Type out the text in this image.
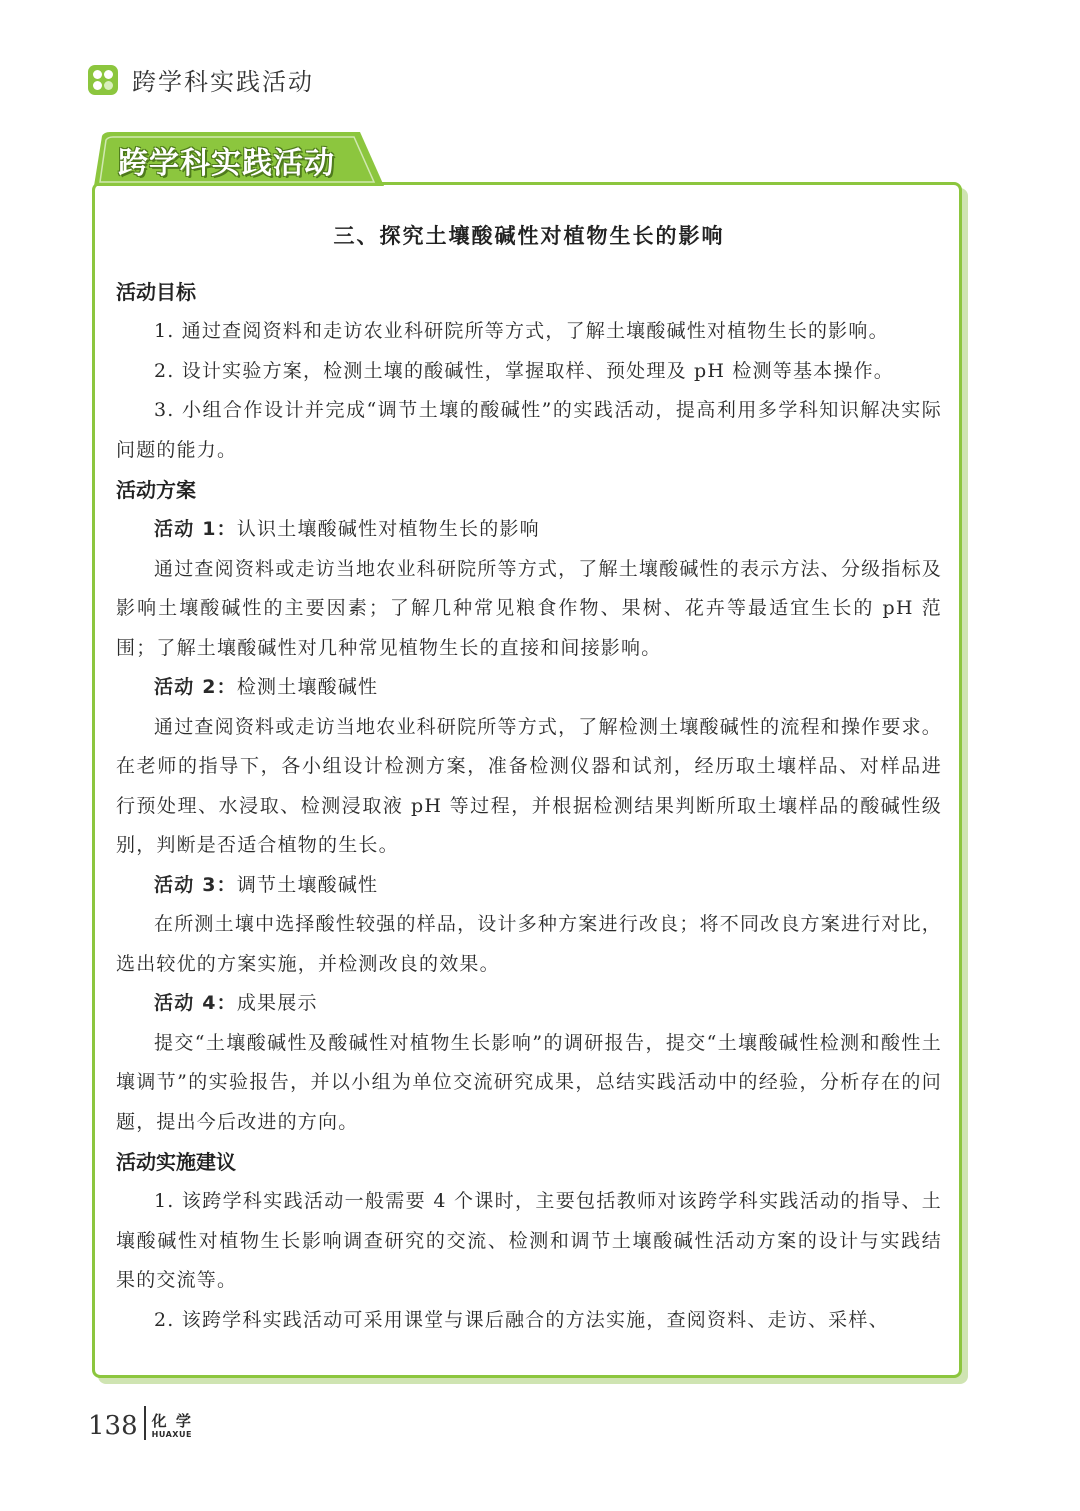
跨学科实践活动
跨学科实践活动
三、探究土壤酸碱性对植物生长的影响
活动目标

1. 通过查阅资料和走访农业科研院所等方式，了解土壤酸碱性对植物生长的影响。

2. 设计实验方案，检测土壤的酸碱性，掌握取样、预处理及 pH 检测等基本操作。

3. 小组合作设计并完成“调节土壤的酸碱性”的实践活动，提高利用多学科知识解决实际问题的能力。

活动方案

活动 1：认识土壤酸碱性对植物生长的影响

通过查阅资料或走访当地农业科研院所等方式，了解土壤酸碱性的表示方法、分级指标及影响土壤酸碱性的主要因素；了解几种常见粮食作物、果树、花卉等最适宜生长的 pH 范围；了解土壤酸碱性对几种常见植物生长的直接和间接影响。

活动 2：检测土壤酸碱性

通过查阅资料或走访当地农业科研院所等方式，了解检测土壤酸碱性的流程和操作要求。在老师的指导下，各小组设计检测方案，准备检测仪器和试剂，经历取土壤样品、对样品进行预处理、水浸取、检测浸取液 pH 等过程，并根据检测结果判断所取土壤样品的酸碱性级别，判断是否适合植物的生长。

活动 3：调节土壤酸碱性

在所测土壤中选择酸性较强的样品，设计多种方案进行改良；将不同改良方案进行对比，选出较优的方案实施，并检测改良的效果。

活动 4：成果展示

提交“土壤酸碱性及酸碱性对植物生长影响”的调研报告，提交“土壤酸碱性检测和酸性土壤调节”的实验报告，并以小组为单位交流研究成果，总结实践活动中的经验，分析存在的问题，提出今后改进的方向。

活动实施建议

1. 该跨学科实践活动一般需要 4 个课时，主要包括教师对该跨学科实践活动的指导、土壤酸碱性对植物生长影响调查研究的交流、检测和调节土壤酸碱性活动方案的设计与实践结果的交流等。

2. 该跨学科实践活动可采用课堂与课后融合的方法实施，查阅资料、走访、采样、

138 化 学
HUAXUE
